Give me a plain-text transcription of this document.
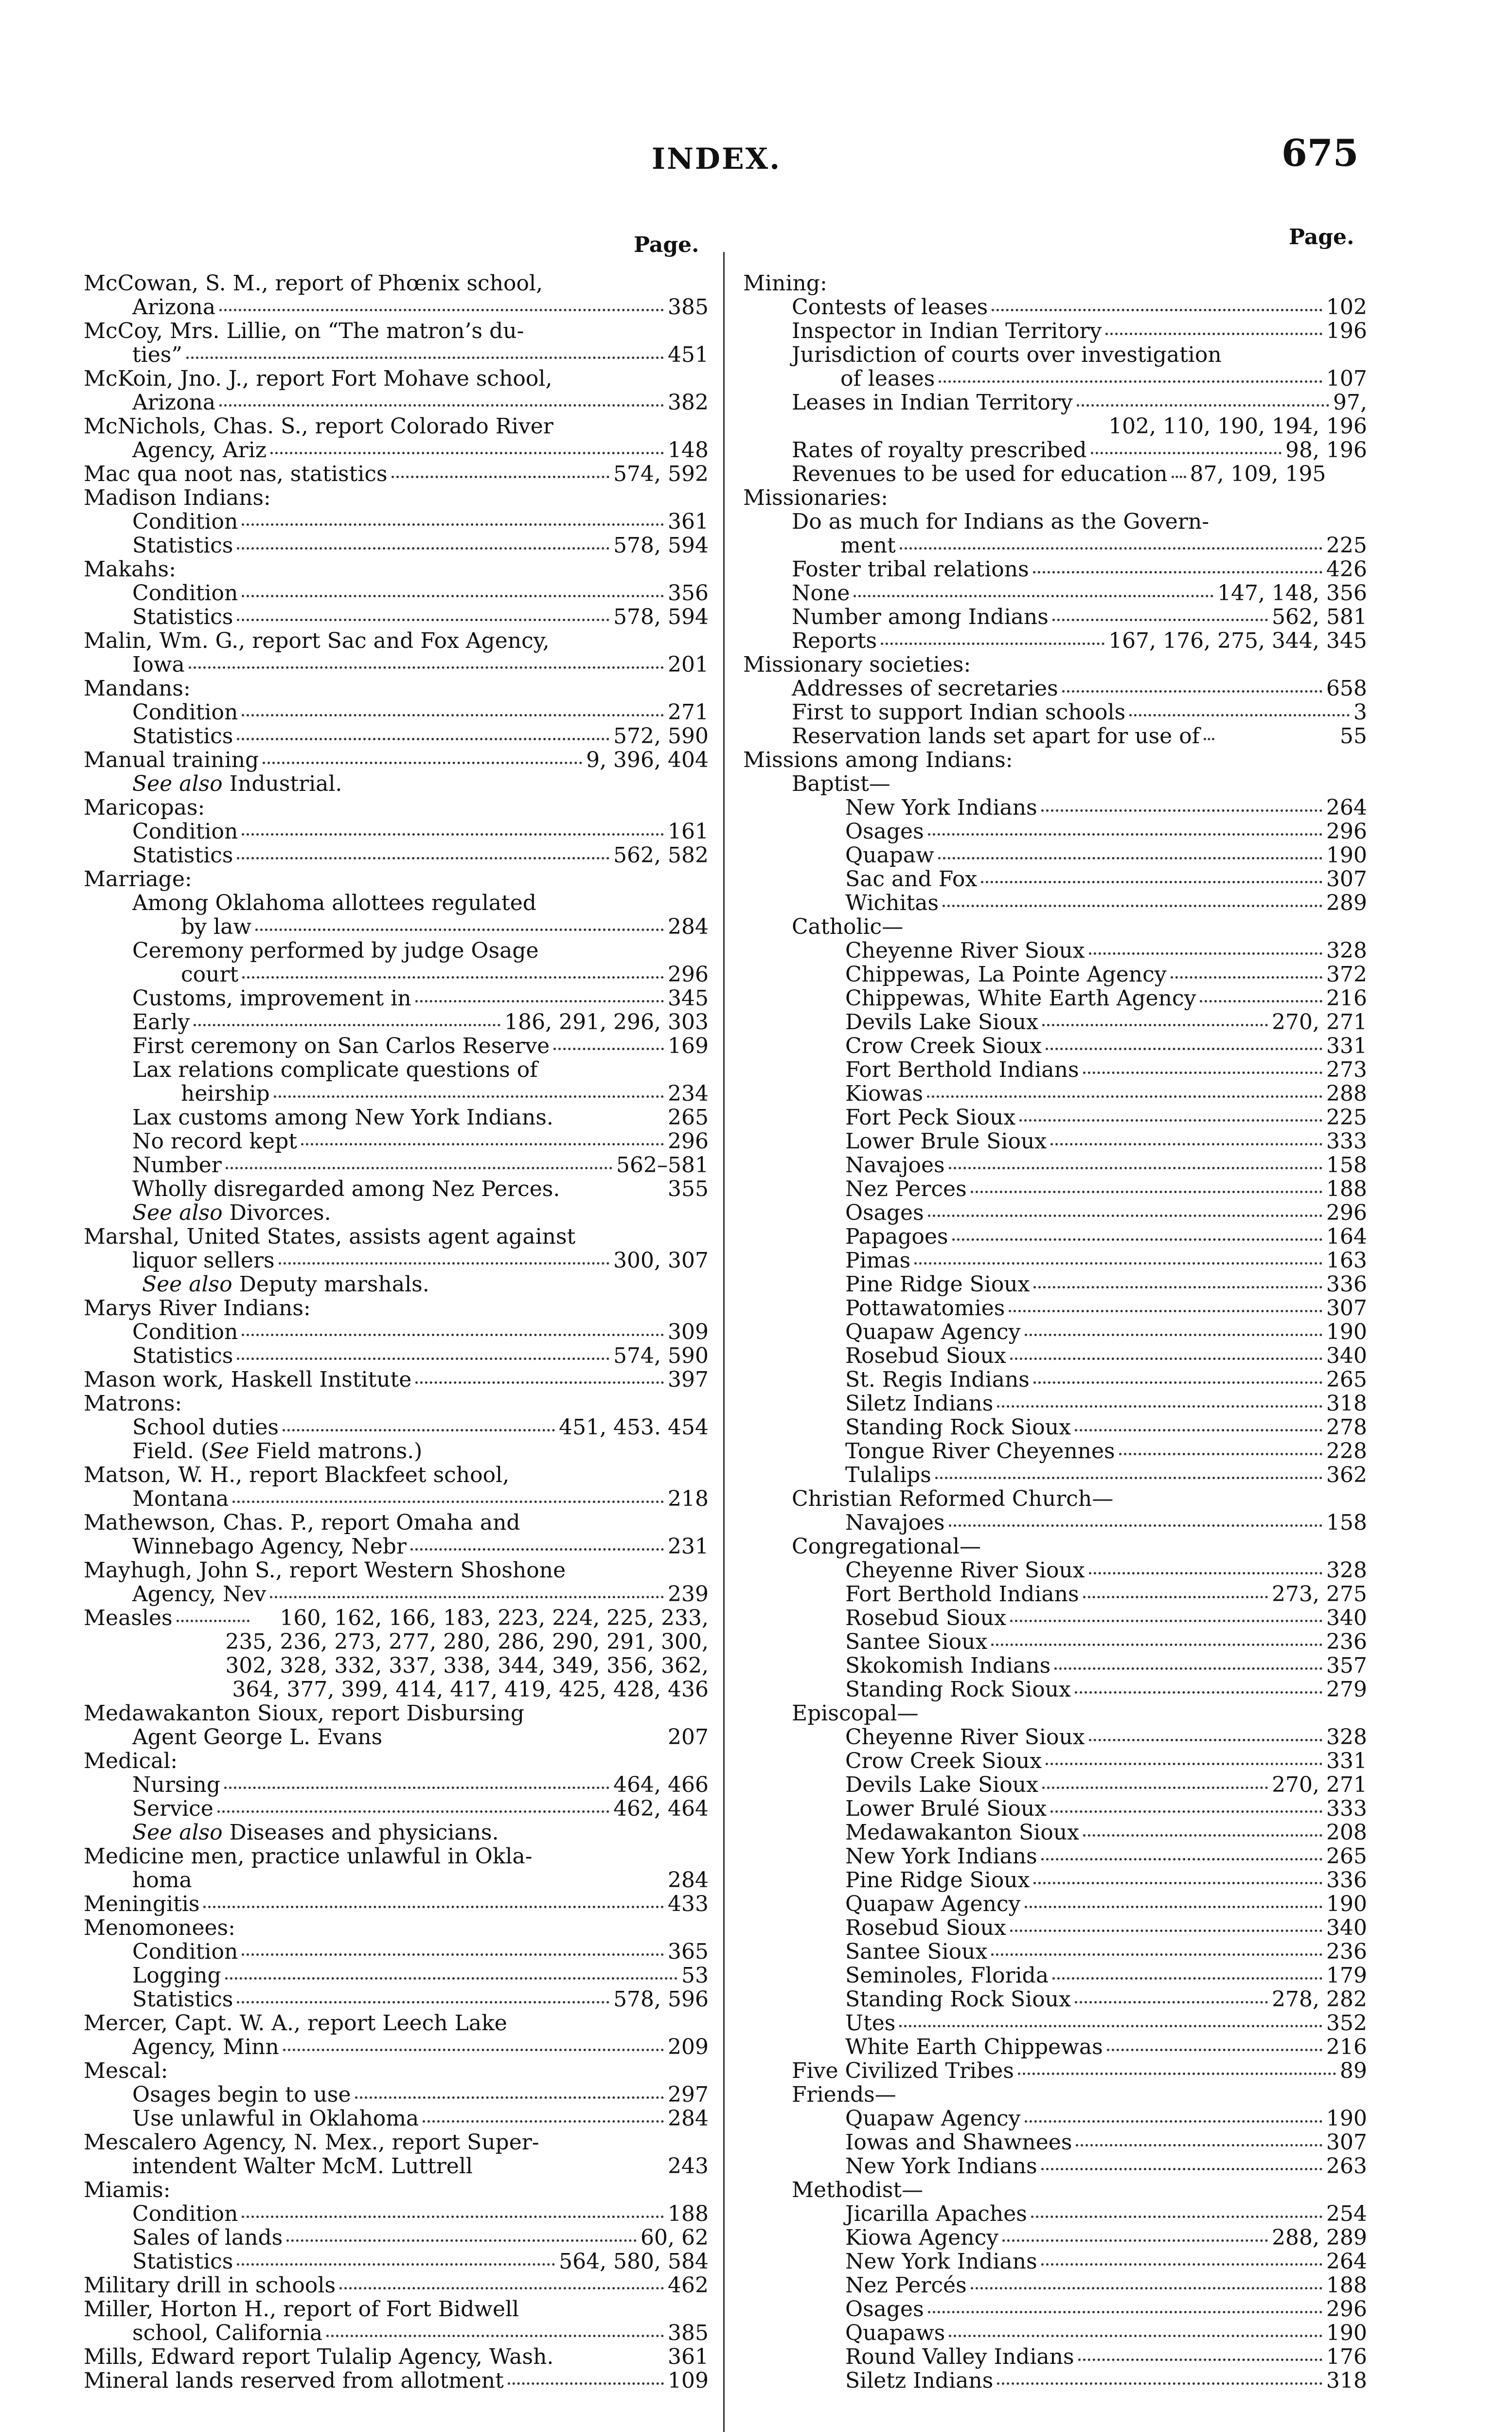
INDEX.	675
Page.	Page.
McCowan, S. M., report of Phœnix school,
Arizona	385
McCoy, Mrs. Lillie, on “The matron’s du-
ties”	451
McKoin, Jno. J., report Fort Mohave school,
Arizona	382
McNichols, Chas. S., report Colorado River
Agency, Ariz	148
Mac qua noot nas, statistics	574, 592
Madison Indians:
Condition	361
Statistics	578, 594
Makahs:
Condition	356
Statistics	578, 594
Malin, Wm. G., report Sac and Fox Agency,
Iowa	201
Mandans:
Condition	271
Statistics	572, 590
Manual training	9, 396, 404
See also Industrial.
Maricopas:
Condition	161
Statistics	562, 582
Marriage:
Among Oklahoma allottees regulated
by law	284
Ceremony performed by judge Osage
court	296
Customs, improvement in	345
Early	186, 291, 296, 303
First ceremony on San Carlos Reserve	169
Lax relations complicate questions of
heirship	234
Lax customs among New York Indians.	265
No record kept	296
Number	562–581
Wholly disregarded among Nez Perces.	355
See also Divorces.
Marshal, United States, assists agent against
liquor sellers	300, 307
See also Deputy marshals.
Marys River Indians:
Condition	309
Statistics	574, 590
Mason work, Haskell Institute	397
Matrons:
School duties	451, 453. 454
Field. (See Field matrons.)
Matson, W. H., report Blackfeet school,
Montana	218
Mathewson, Chas. P., report Omaha and
Winnebago Agency, Nebr	231
Mayhugh, John S., report Western Shoshone
Agency, Nev	239
Measles	160, 162, 166, 183, 223, 224, 225, 233,
235, 236, 273, 277, 280, 286, 290, 291, 300,
302, 328, 332, 337, 338, 344, 349, 356, 362,
364, 377, 399, 414, 417, 419, 425, 428, 436
Medawakanton Sioux, report Disbursing
Agent George L. Evans	207
Medical:
Nursing	464, 466
Service	462, 464
See also Diseases and physicians.
Medicine men, practice unlawful in Okla-
homa	284
Meningitis	433
Menomonees:
Condition	365
Logging	53
Statistics	578, 596
Mercer, Capt. W. A., report Leech Lake
Agency, Minn	209
Mescal:
Osages begin to use	297
Use unlawful in Oklahoma	284
Mescalero Agency, N. Mex., report Super-
intendent Walter McM. Luttrell	243
Miamis:
Condition	188
Sales of lands	60, 62
Statistics	564, 580, 584
Military drill in schools	462
Miller, Horton H., report of Fort Bidwell
school, California	385
Mills, Edward report Tulalip Agency, Wash.	361
Mineral lands reserved from allotment	109
Mining:
Contests of leases	102
Inspector in Indian Territory	196
Jurisdiction of courts over investigation
of leases	107
Leases in Indian Territory	97,
102, 110, 190, 194, 196
Rates of royalty prescribed	98, 196
Revenues to be used for education 87, 109, 195
Missionaries:
Do as much for Indians as the Govern-
ment	225
Foster tribal relations	426
None	147, 148, 356
Number among Indians	562, 581
Reports	167, 176, 275, 344, 345
Missionary societies:
Addresses of secretaries	658
First to support Indian schools	3
Reservation lands set apart for use of	55
Missions among Indians:
Baptist—
New York Indians	264
Osages	296
Quapaw	190
Sac and Fox	307
Wichitas	289
Catholic—
Cheyenne River Sioux	328
Chippewas, La Pointe Agency	372
Chippewas, White Earth Agency	216
Devils Lake Sioux	270, 271
Crow Creek Sioux	331
Fort Berthold Indians	273
Kiowas	288
Fort Peck Sioux	225
Lower Brule Sioux	333
Navajoes	158
Nez Perces	188
Osages	296
Papagoes	164
Pimas	163
Pine Ridge Sioux	336
Pottawatomies	307
Quapaw Agency	190
Rosebud Sioux	340
St. Regis Indians	265
Siletz Indians	318
Standing Rock Sioux	278
Tongue River Cheyennes	228
Tulalips	362
Christian Reformed Church—
Navajoes	158
Congregational—
Cheyenne River Sioux	328
Fort Berthold Indians	273, 275
Rosebud Sioux	340
Santee Sioux	236
Skokomish Indians	357
Standing Rock Sioux	279
Episcopal—
Cheyenne River Sioux	328
Crow Creek Sioux	331
Devils Lake Sioux	270, 271
Lower Brulé Sioux	333
Medawakanton Sioux	208
New York Indians	265
Pine Ridge Sioux	336
Quapaw Agency	190
Rosebud Sioux	340
Santee Sioux	236
Seminoles, Florida	179
Standing Rock Sioux	278, 282
Utes	352
White Earth Chippewas	216
Five Civilized Tribes	89
Friends—
Quapaw Agency	190
Iowas and Shawnees	307
New York Indians	263
Methodist—
Jicarilla Apaches	254
Kiowa Agency	288, 289
New York Indians	264
Nez Percés	188
Osages	296
Quapaws	190
Round Valley Indians	176
Siletz Indians	318
